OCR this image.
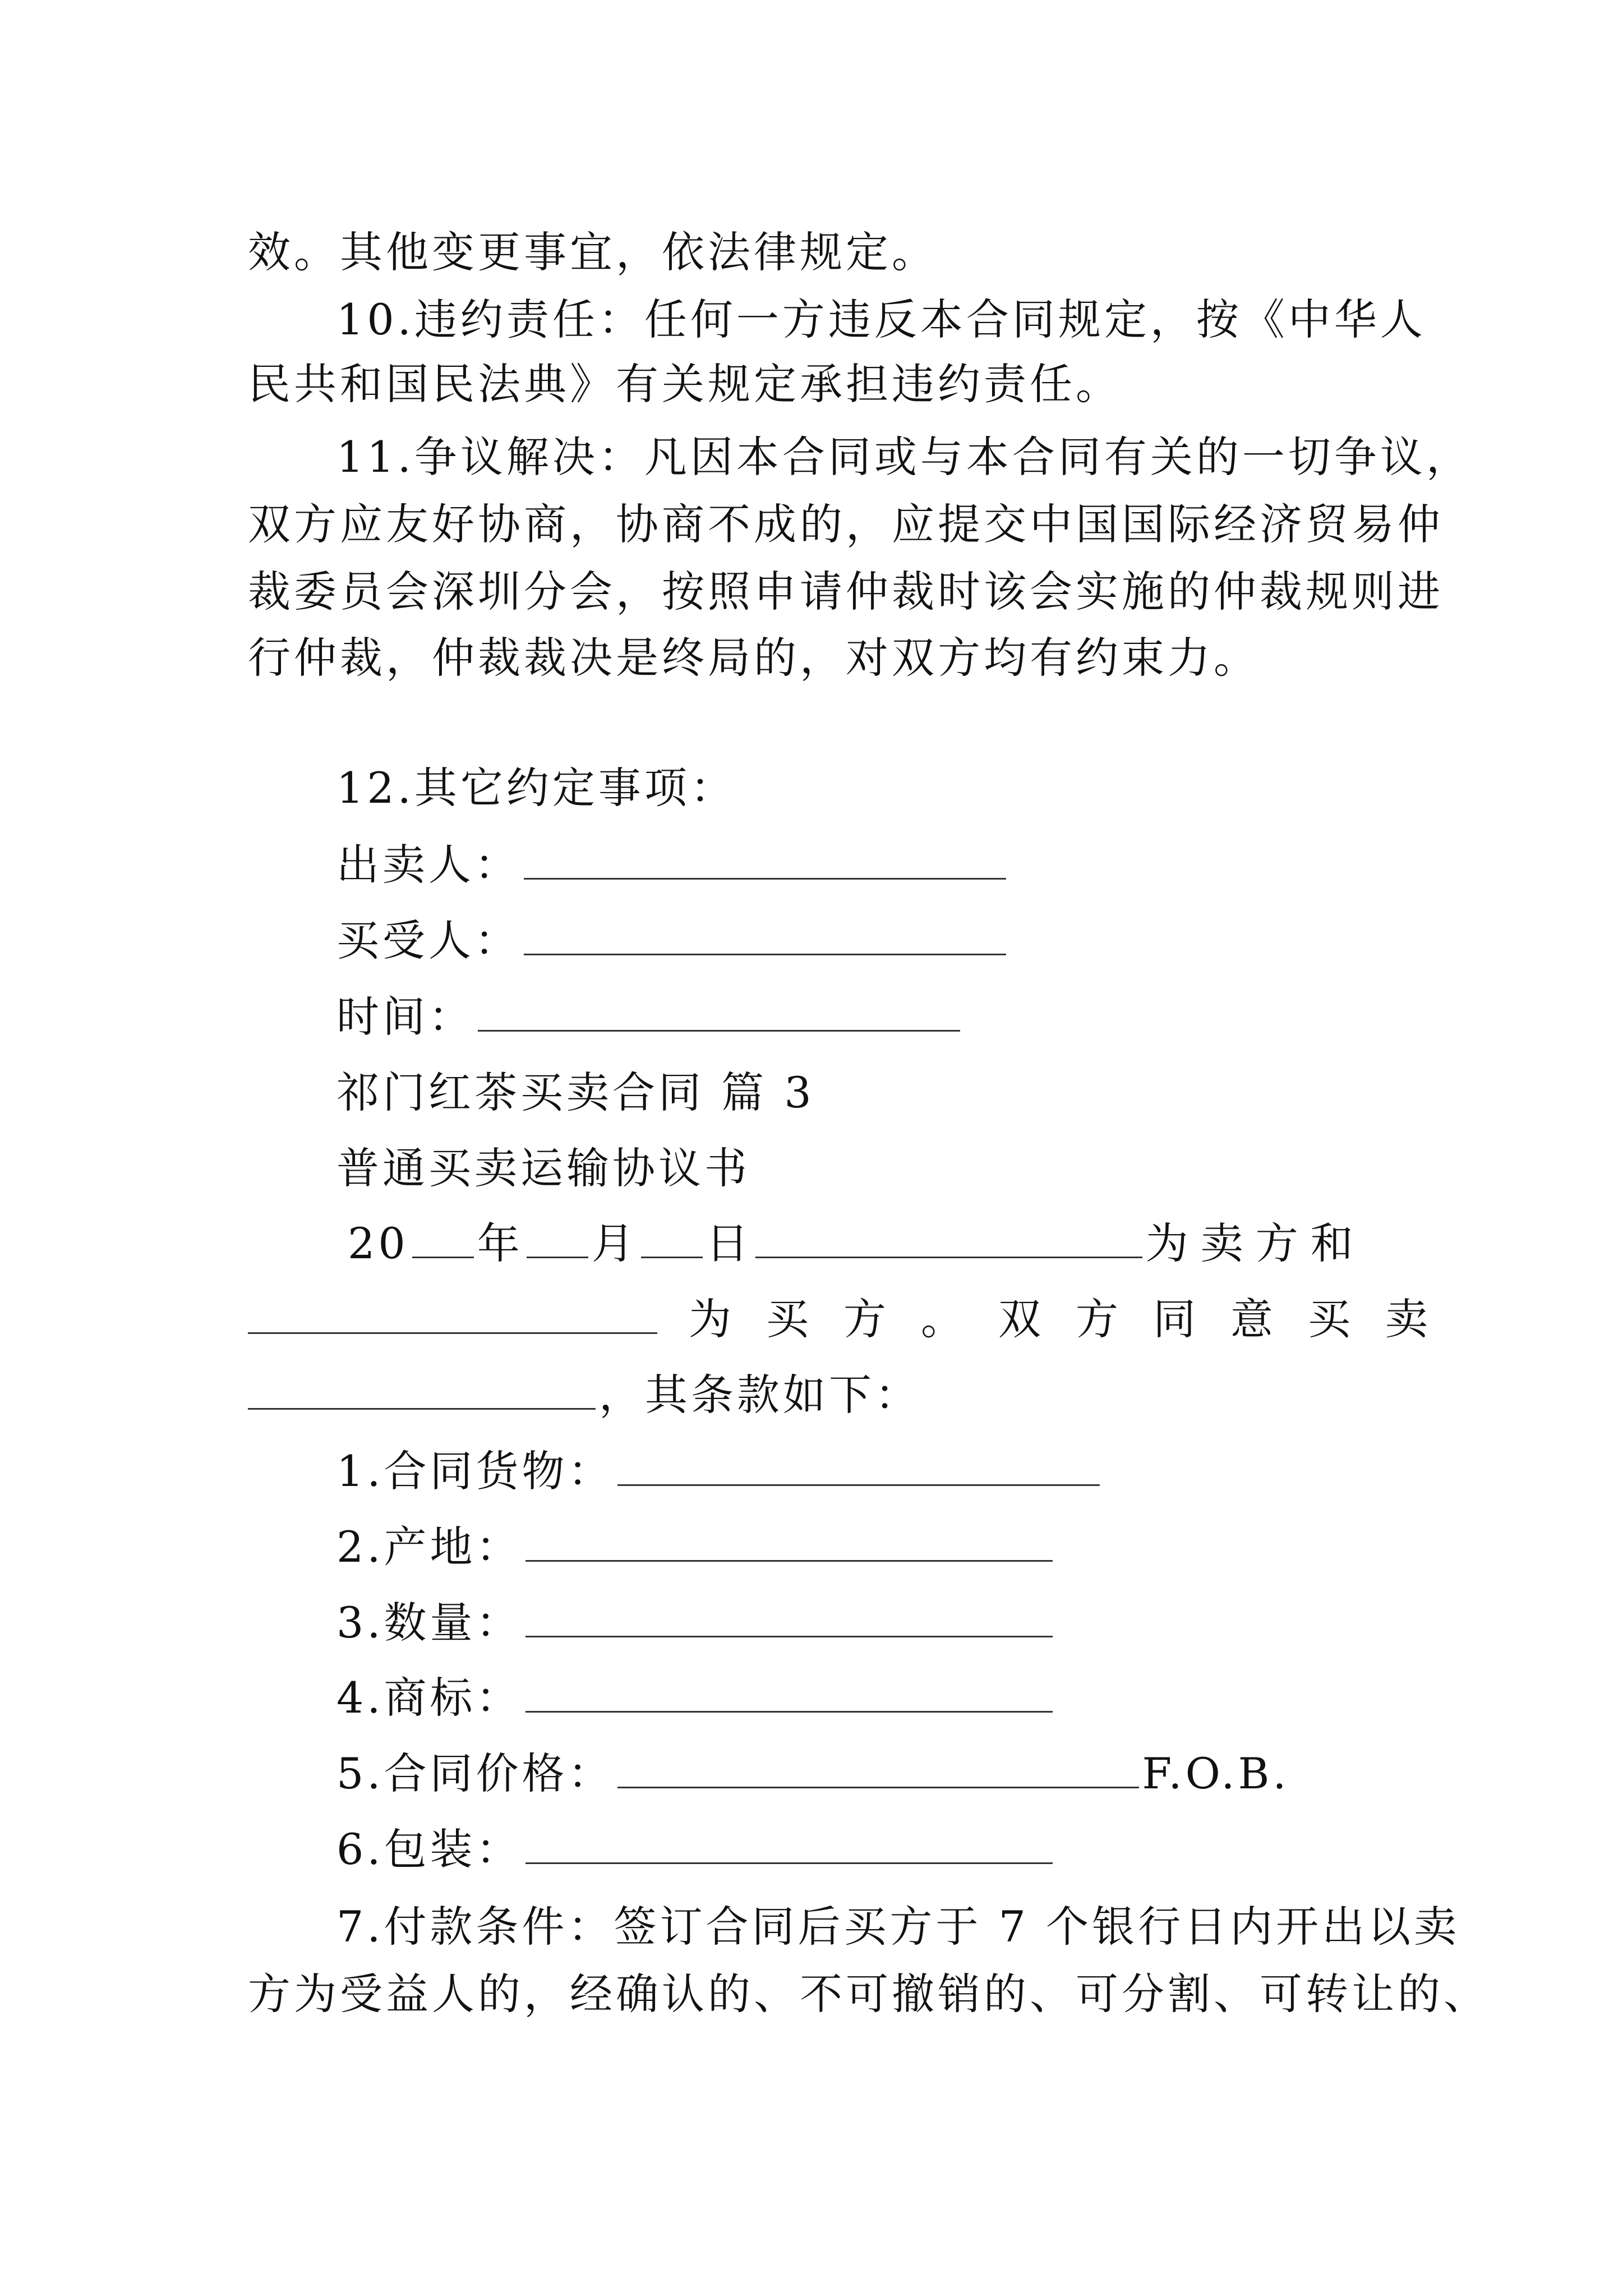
效。其他变更事宜，依法律规定。
10.违约责任：任何一方违反本合同规定，按《中华人
民共和国民法典》有关规定承担违约责任。
11.争议解决：凡因本合同或与本合同有关的一切争议，
双方应友好协商，协商不成的，应提交中国国际经济贸易仲
裁委员会深圳分会，按照申请仲裁时该会实施的仲裁规则进
行仲裁，仲裁裁决是终局的，对双方均有约束力。
12.其它约定事项：
出卖人：
买受人：
时间：
祁门红茶买卖合同 篇 3
普通买卖运输协议书
20 年 月 日	为卖方和
为买方。双方同意买卖
，其条款如下：
1.合同货物：
2.产地：
3.数量：
4.商标：
5.合同价格：	F.O.B.
6.包装：
7.付款条件：签订合同后买方于 7 个银行日内开出以卖
方为受益人的，经确认的、不可撤销的、可分割、可转让的、
